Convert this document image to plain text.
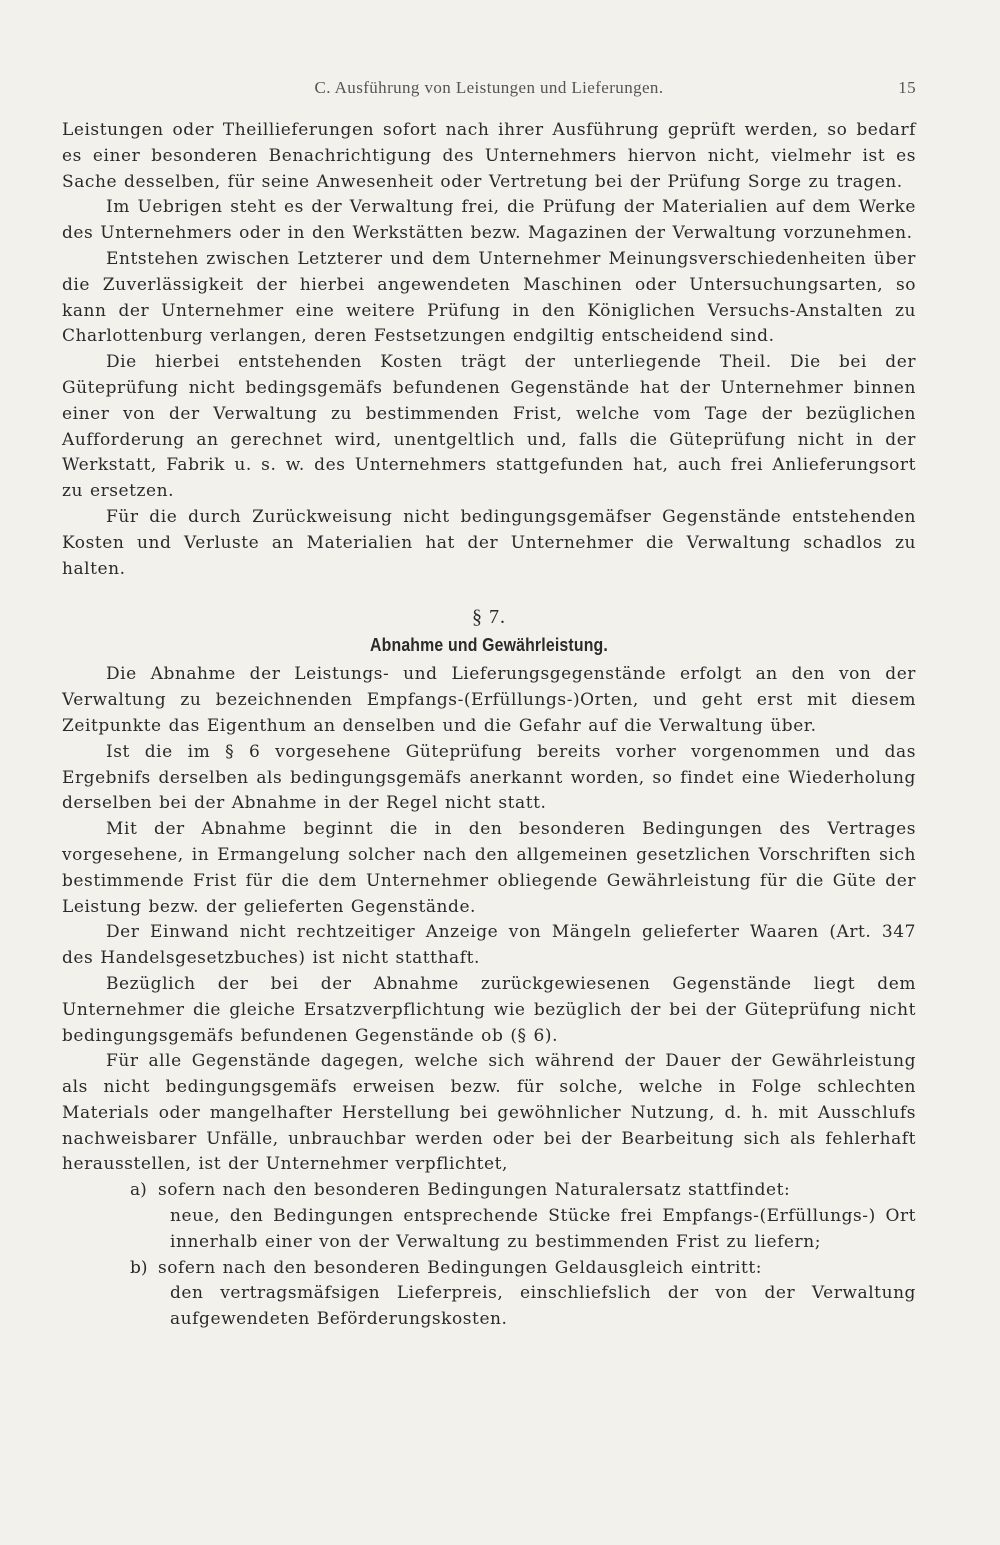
C. Ausführung von Leistungen und Lieferungen.	15

Leistungen oder Theillieferungen sofort nach ihrer Ausführung geprüft werden, so bedarf es einer besonderen Benachrichtigung des Unternehmers hiervon nicht, vielmehr ist es Sache desselben, für seine Anwesenheit oder Vertretung bei der Prüfung Sorge zu tragen.

Im Uebrigen steht es der Verwaltung frei, die Prüfung der Materialien auf dem Werke des Unternehmers oder in den Werkstätten bezw. Magazinen der Verwaltung vorzunehmen.

Entstehen zwischen Letzterer und dem Unternehmer Meinungsverschiedenheiten über die Zuverlässigkeit der hierbei angewendeten Maschinen oder Untersuchungsarten, so kann der Unternehmer eine weitere Prüfung in den Königlichen Versuchs-Anstalten zu Charlottenburg verlangen, deren Festsetzungen endgiltig entscheidend sind.

Die hierbei entstehenden Kosten trägt der unterliegende Theil. Die bei der Güteprüfung nicht bedingsgemäfs befundenen Gegenstände hat der Unternehmer binnen einer von der Verwaltung zu bestimmenden Frist, welche vom Tage der bezüglichen Aufforderung an gerechnet wird, unentgeltlich und, falls die Güteprüfung nicht in der Werkstatt, Fabrik u. s. w. des Unternehmers stattgefunden hat, auch frei Anlieferungsort zu ersetzen.

Für die durch Zurückweisung nicht bedingungsgemäfser Gegenstände entstehenden Kosten und Verluste an Materialien hat der Unternehmer die Verwaltung schadlos zu halten.

§ 7.
Abnahme und Gewährleistung.

Die Abnahme der Leistungs- und Lieferungsgegenstände erfolgt an den von der Verwaltung zu bezeichnenden Empfangs-(Erfüllungs-)Orten, und geht erst mit diesem Zeitpunkte das Eigenthum an denselben und die Gefahr auf die Verwaltung über.

Ist die im § 6 vorgesehene Güteprüfung bereits vorher vorgenommen und das Ergebnifs derselben als bedingungsgemäfs anerkannt worden, so findet eine Wiederholung derselben bei der Abnahme in der Regel nicht statt.

Mit der Abnahme beginnt die in den besonderen Bedingungen des Vertrages vorgesehene, in Ermangelung solcher nach den allgemeinen gesetzlichen Vorschriften sich bestimmende Frist für die dem Unternehmer obliegende Gewährleistung für die Güte der Leistung bezw. der gelieferten Gegenstände.

Der Einwand nicht rechtzeitiger Anzeige von Mängeln gelieferter Waaren (Art. 347 des Handelsgesetzbuches) ist nicht statthaft.

Bezüglich der bei der Abnahme zurückgewiesenen Gegenstände liegt dem Unternehmer die gleiche Ersatzverpflichtung wie bezüglich der bei der Güteprüfung nicht bedingungsgemäfs befundenen Gegenstände ob (§ 6).

Für alle Gegenstände dagegen, welche sich während der Dauer der Gewährleistung als nicht bedingungsgemäfs erweisen bezw. für solche, welche in Folge schlechten Materials oder mangelhafter Herstellung bei gewöhnlicher Nutzung, d. h. mit Ausschlufs nachweisbarer Unfälle, unbrauchbar werden oder bei der Bearbeitung sich als fehlerhaft herausstellen, ist der Unternehmer verpflichtet,

a) sofern nach den besonderen Bedingungen Naturalersatz stattfindet:

neue, den Bedingungen entsprechende Stücke frei Empfangs-(Erfüllungs-) Ort innerhalb einer von der Verwaltung zu bestimmenden Frist zu liefern;

b) sofern nach den besonderen Bedingungen Geldausgleich eintritt:

den vertragsmäfsigen Lieferpreis, einschliefslich der von der Verwaltung aufgewendeten Beförderungskosten.
